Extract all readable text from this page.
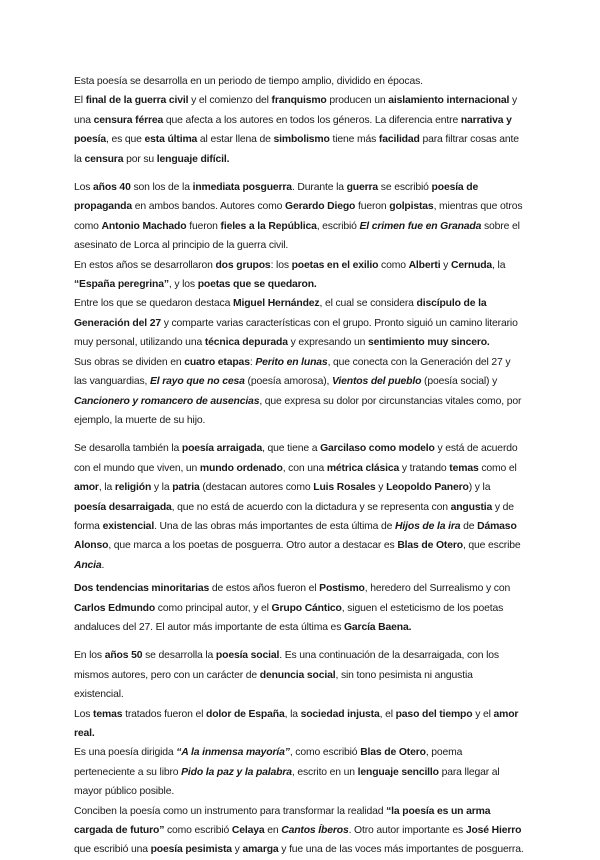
Esta poesía se desarrolla en un periodo de tiempo amplio, dividido en épocas.

El final de la guerra civil y el comienzo del franquismo producen un aislamiento internacional y una censura férrea que afecta a los autores en todos los géneros. La diferencia entre narrativa y poesía, es que esta última al estar llena de simbolismo tiene más facilidad para filtrar cosas ante la censura por su lenguaje difícil.

Los años 40 son los de la inmediata posguerra. Durante la guerra se escribió poesía de propaganda en ambos bandos. Autores como Gerardo Diego fueron golpistas, mientras que otros como Antonio Machado fueron fieles a la República, escribió El crimen fue en Granada sobre el asesinato de Lorca al principio de la guerra civil.

En estos años se desarrollaron dos grupos: los poetas en el exilio como Alberti y Cernuda, la “España peregrina”, y los poetas que se quedaron.

Entre los que se quedaron destaca Miguel Hernández, el cual se considera discípulo de la Generación del 27 y comparte varias características con el grupo. Pronto siguió un camino literario muy personal, utilizando una técnica depurada y expresando un sentimiento muy sincero.

Sus obras se dividen en cuatro etapas: Perito en lunas, que conecta con la Generación del 27 y las vanguardias, El rayo que no cesa (poesía amorosa), Vientos del pueblo (poesía social) y Cancionero y romancero de ausencias, que expresa su dolor por circunstancias vitales como, por ejemplo, la muerte de su hijo.

Se desarolla también la poesía arraigada, que tiene a Garcilaso como modelo y está de acuerdo con el mundo que viven, un mundo ordenado, con una métrica clásica y tratando temas como el amor, la religión y la patria (destacan autores como Luis Rosales y Leopoldo Panero) y la poesía desarraigada, que no está de acuerdo con la dictadura y se representa con angustia y de forma existencial. Una de las obras más importantes de esta última de Hijos de la ira de Dámaso Alonso, que marca a los poetas de posguerra. Otro autor a destacar es Blas de Otero, que escribe Ancia.

Dos tendencias minoritarias de estos años fueron el Postismo, heredero del Surrealismo y con Carlos Edmundo como principal autor, y el Grupo Cántico, siguen el esteticismo de los poetas andaluces del 27. El autor más importante de esta última es García Baena.

En los años 50 se desarrolla la poesía social. Es una continuación de la desarraigada, con los mismos autores, pero con un carácter de denuncia social, sin tono pesimista ni angustia existencial.

Los temas tratados fueron el dolor de España, la sociedad injusta, el paso del tiempo y el amor real.

Es una poesía dirigida “A la inmensa mayoría”, como escribió Blas de Otero, poema perteneciente a su libro Pido la paz y la palabra, escrito en un lenguaje sencillo para llegar al mayor público posible.

Conciben la poesía como un instrumento para transformar la realidad “la poesía es un arma cargada de futuro” como escribió Celaya en Cantos Íberos. Otro autor importante es José Hierro que escribió una poesía pesimista y amarga y fue una de las voces más importantes de posguerra.
